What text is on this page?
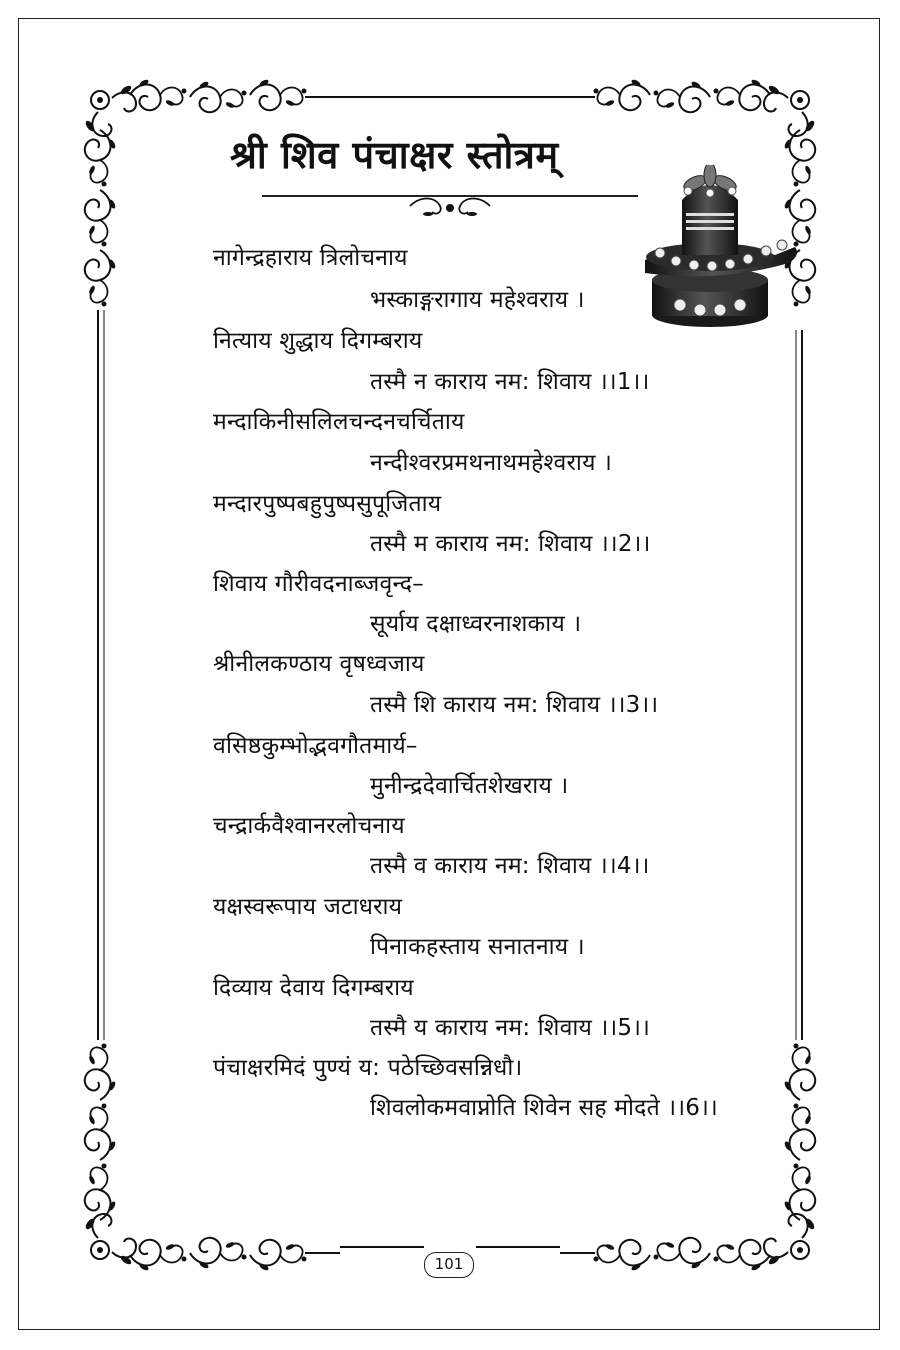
श्री शिव पंचाक्षर स्तोत्रम्
नागेन्द्रहाराय त्रिलोचनाय
भस्काङ्गरागाय महेश्वराय ।
नित्याय शुद्धाय दिगम्बराय
तस्मै न काराय नम: शिवाय ।।1।।
मन्दाकिनीसलिलचन्दनचर्चिताय
नन्दीश्वरप्रमथनाथमहेश्वराय ।
मन्दारपुष्पबहुपुष्पसुपूजिताय
तस्मै म काराय नम: शिवाय ।।2।।
शिवाय गौरीवदनाब्जवृन्द–
सूर्याय दक्षाध्वरनाशकाय ।
श्रीनीलकण्ठाय वृषध्वजाय
तस्मै शि काराय नम: शिवाय ।।3।।
वसिष्ठकुम्भोद्भवगौतमार्य–
मुनीन्द्रदेवार्चितशेखराय ।
चन्द्रार्कवैश्वानरलोचनाय
तस्मै व काराय नम: शिवाय ।।4।।
यक्षस्वरूपाय जटाधराय
पिनाकहस्ताय सनातनाय ।
दिव्याय देवाय दिगम्बराय
तस्मै य काराय नम: शिवाय ।।5।।
पंचाक्षरमिदं पुण्यं य: पठेच्छिवसन्निधौ।
शिवलोकमवाप्नोति शिवेन सह मोदते ।।6।।
101
